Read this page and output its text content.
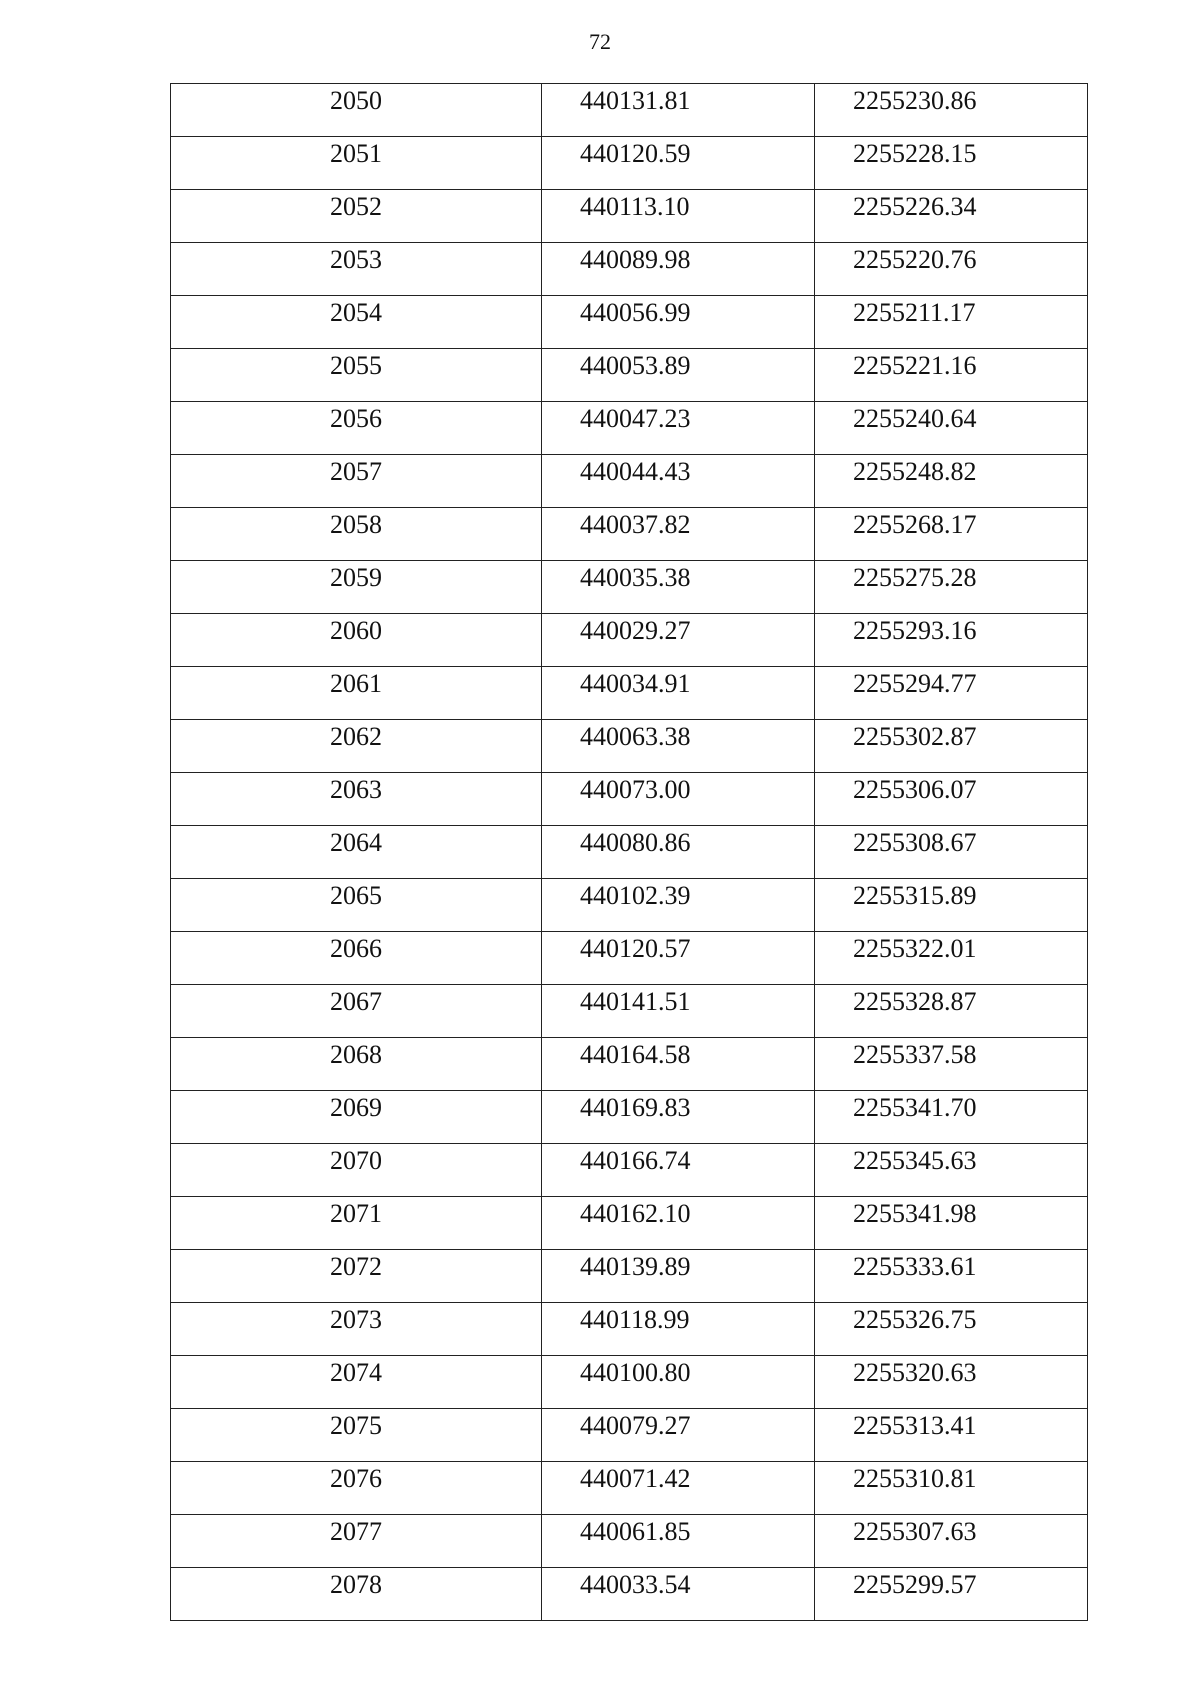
72
2050	440131.81	2255230.86

2051	440120.59	2255228.15

2052	440113.10	2255226.34

2053	440089.98	2255220.76

2054	440056.99	2255211.17

2055	440053.89	2255221.16

2056	440047.23	2255240.64

2057	440044.43	2255248.82

2058	440037.82	2255268.17

2059	440035.38	2255275.28

2060	440029.27	2255293.16

2061	440034.91	2255294.77

2062	440063.38	2255302.87

2063	440073.00	2255306.07

2064	440080.86	2255308.67

2065	440102.39	2255315.89

2066	440120.57	2255322.01

2067	440141.51	2255328.87

2068	440164.58	2255337.58

2069	440169.83	2255341.70

2070	440166.74	2255345.63

2071	440162.10	2255341.98

2072	440139.89	2255333.61

2073	440118.99	2255326.75

2074	440100.80	2255320.63

2075	440079.27	2255313.41

2076	440071.42	2255310.81

2077	440061.85	2255307.63

2078	440033.54	2255299.57
